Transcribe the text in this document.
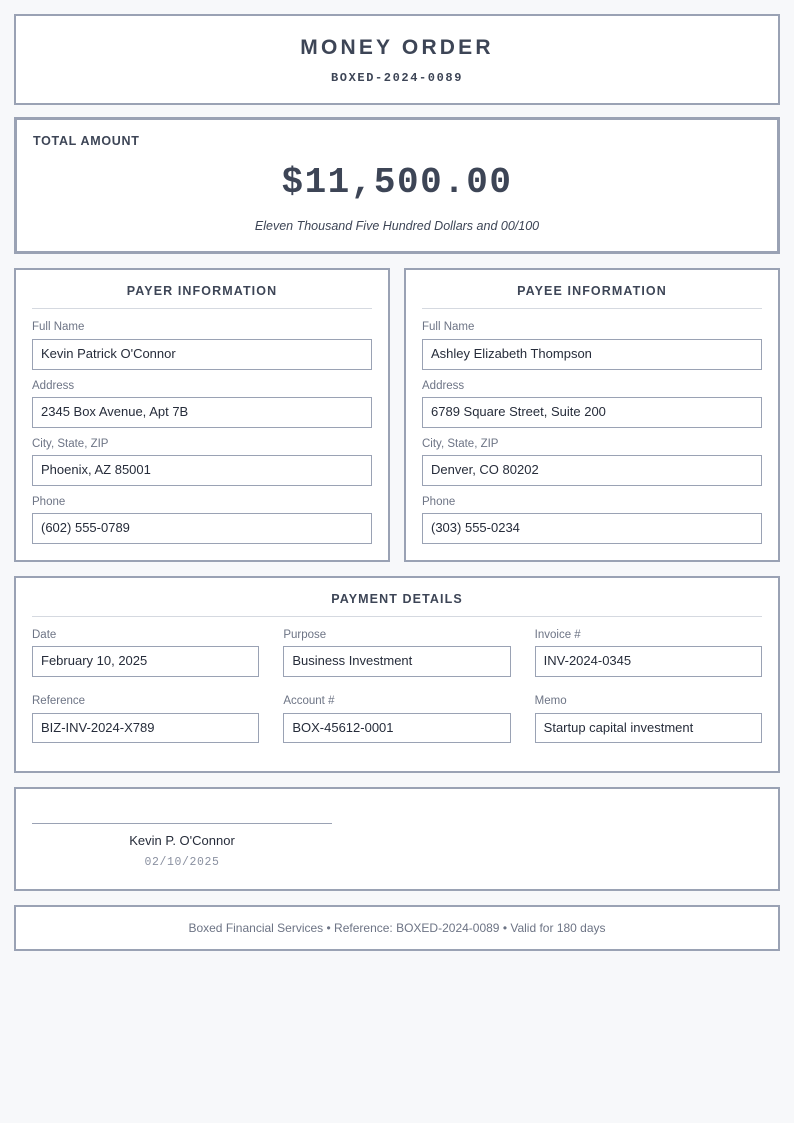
MONEY ORDER
BOXED-2024-0089
TOTAL AMOUNT
$11,500.00
Eleven Thousand Five Hundred Dollars and 00/100
PAYER INFORMATION
Full Name
Kevin Patrick O'Connor
Address
2345 Box Avenue, Apt 7B
City, State, ZIP
Phoenix, AZ 85001
Phone
(602) 555-0789
PAYEE INFORMATION
Full Name
Ashley Elizabeth Thompson
Address
6789 Square Street, Suite 200
City, State, ZIP
Denver, CO 80202
Phone
(303) 555-0234
PAYMENT DETAILS
Date
February 10, 2025
Purpose
Business Investment
Invoice #
INV-2024-0345
Reference
BIZ-INV-2024-X789
Account #
BOX-45612-0001
Memo
Startup capital investment
Kevin P. O'Connor
02/10/2025
Boxed Financial Services • Reference: BOXED-2024-0089 • Valid for 180 days
